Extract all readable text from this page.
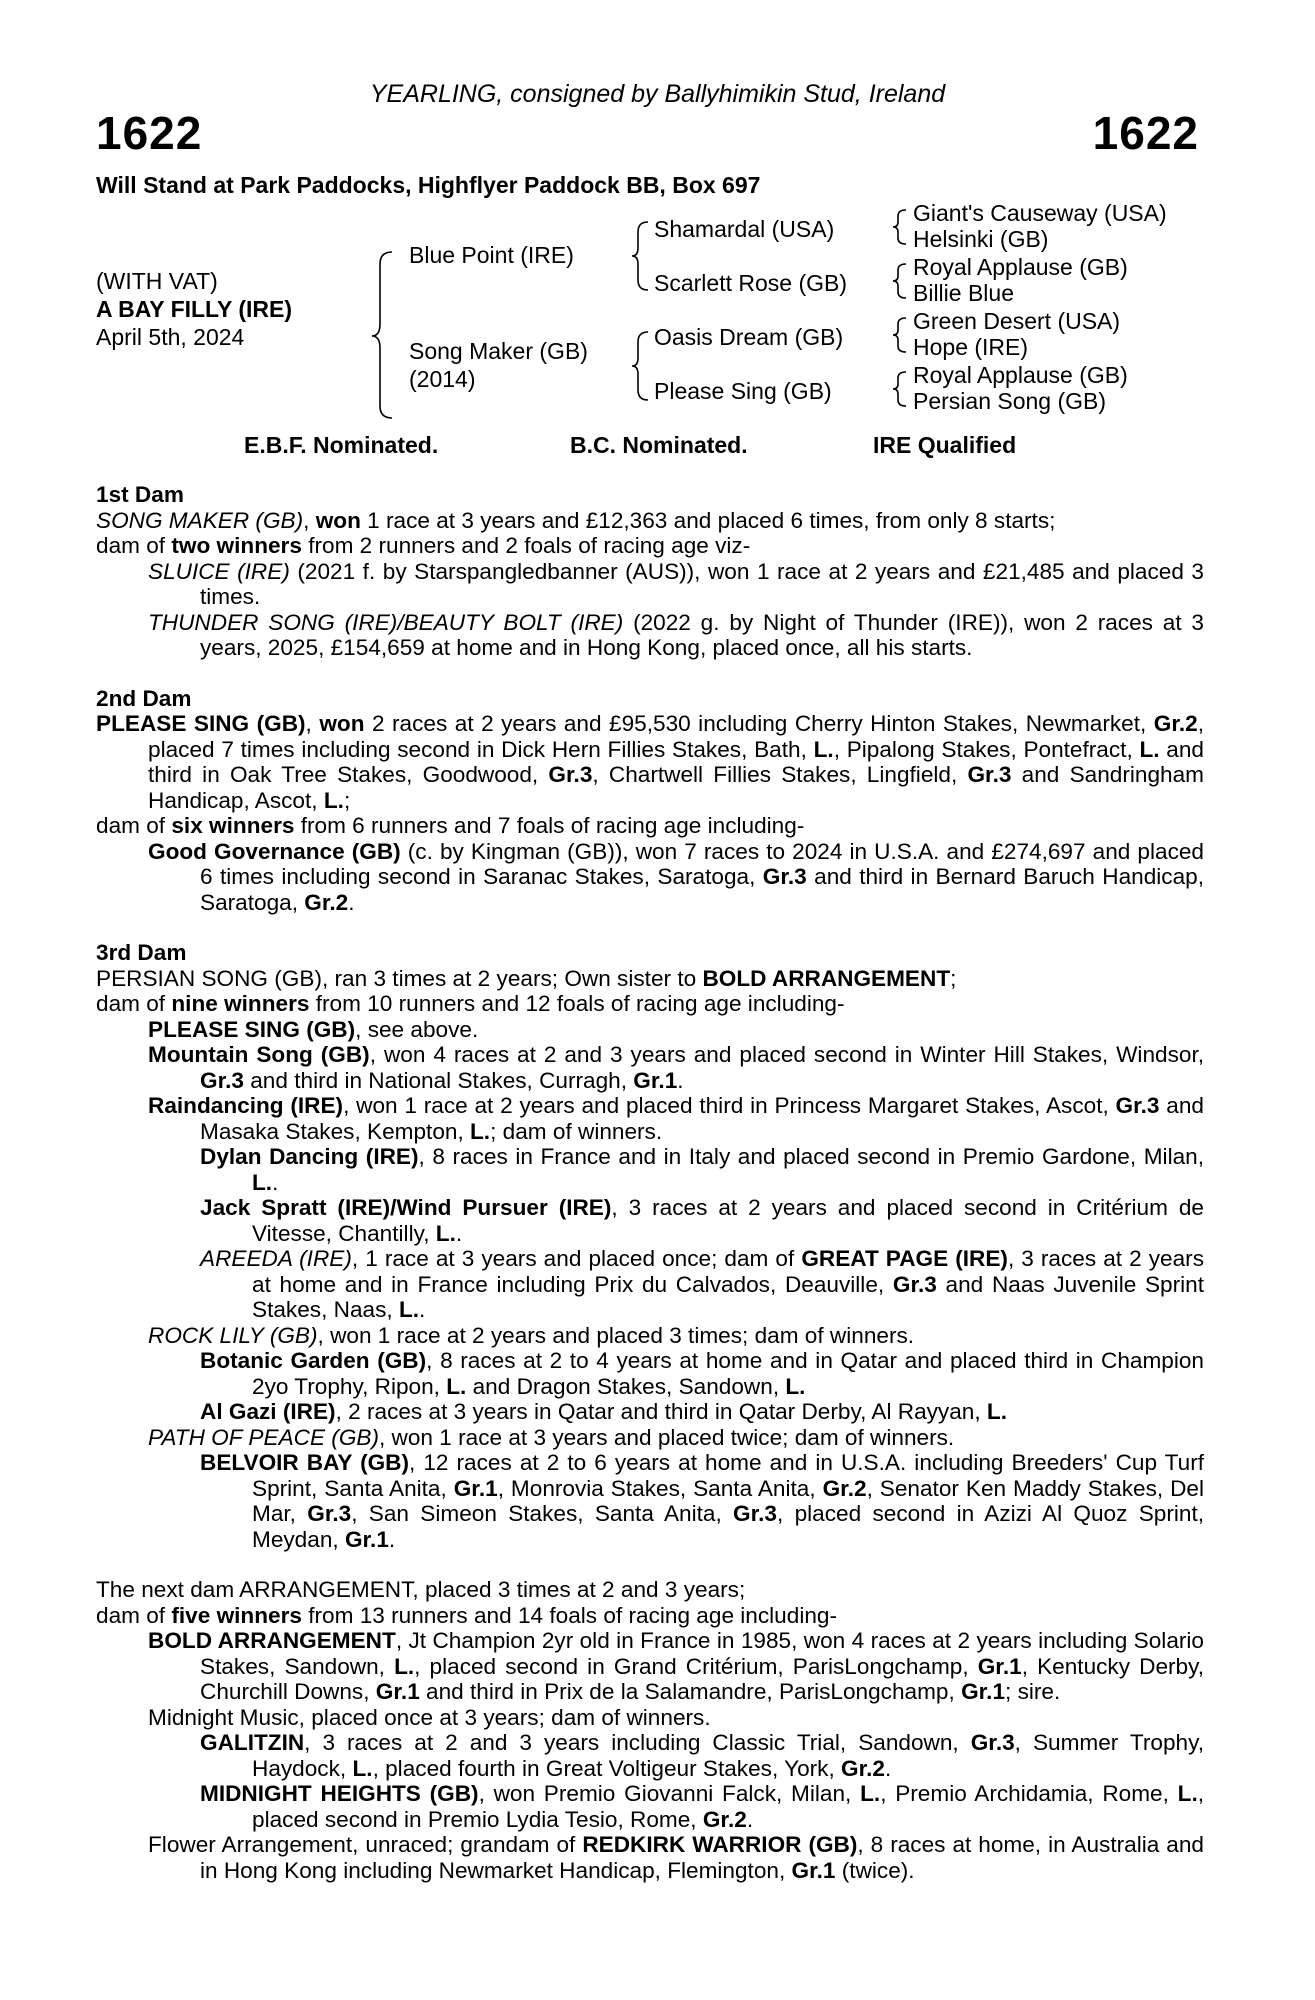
YEARLING, consigned by Ballyhimikin Stud, Ireland
1622	1622
Will Stand at Park Paddocks, Highflyer Paddock BB, Box 697
(WITH VAT)
A BAY FILLY (IRE)
April 5th, 2024
Blue Point (IRE)
Song Maker (GB)
(2014)
Shamardal (USA)
Scarlett Rose (GB)
Oasis Dream (GB)
Please Sing (GB)
Giant's Causeway (USA)
Helsinki (GB)
Royal Applause (GB)
Billie Blue
Green Desert (USA)
Hope (IRE)
Royal Applause (GB)
Persian Song (GB)
E.B.F. Nominated.	B.C. Nominated.	IRE Qualified

1st Dam

SONG MAKER (GB), won 1 race at 3 years and £12,363 and placed 6 times, from only 8 starts;

dam of two winners from 2 runners and 2 foals of racing age viz-

SLUICE (IRE) (2021 f. by Starspangledbanner (AUS)), won 1 race at 2 years and £21,485 and placed 3 times.

THUNDER SONG (IRE)/BEAUTY BOLT (IRE) (2022 g. by Night of Thunder (IRE)), won 2 races at 3 years, 2025, £154,659 at home and in Hong Kong, placed once, all his starts.

2nd Dam

PLEASE SING (GB), won 2 races at 2 years and £95,530 including Cherry Hinton Stakes, Newmarket, Gr.2, placed 7 times including second in Dick Hern Fillies Stakes, Bath, L., Pipalong Stakes, Pontefract, L. and third in Oak Tree Stakes, Goodwood, Gr.3, Chartwell Fillies Stakes, Lingfield, Gr.3 and Sandringham Handicap, Ascot, L.;

dam of six winners from 6 runners and 7 foals of racing age including-

Good Governance (GB) (c. by Kingman (GB)), won 7 races to 2024 in U.S.A. and £274,697 and placed 6 times including second in Saranac Stakes, Saratoga, Gr.3 and third in Bernard Baruch Handicap, Saratoga, Gr.2.

3rd Dam

PERSIAN SONG (GB), ran 3 times at 2 years; Own sister to BOLD ARRANGEMENT;

dam of nine winners from 10 runners and 12 foals of racing age including-

PLEASE SING (GB), see above.

Mountain Song (GB), won 4 races at 2 and 3 years and placed second in Winter Hill Stakes, Windsor, Gr.3 and third in National Stakes, Curragh, Gr.1.

Raindancing (IRE), won 1 race at 2 years and placed third in Princess Margaret Stakes, Ascot, Gr.3 and Masaka Stakes, Kempton, L.; dam of winners.

Dylan Dancing (IRE), 8 races in France and in Italy and placed second in Premio Gardone, Milan, L..

Jack Spratt (IRE)/Wind Pursuer (IRE), 3 races at 2 years and placed second in Critérium de Vitesse, Chantilly, L..

AREEDA (IRE), 1 race at 3 years and placed once; dam of GREAT PAGE (IRE), 3 races at 2 years at home and in France including Prix du Calvados, Deauville, Gr.3 and Naas Juvenile Sprint Stakes, Naas, L..

ROCK LILY (GB), won 1 race at 2 years and placed 3 times; dam of winners.

Botanic Garden (GB), 8 races at 2 to 4 years at home and in Qatar and placed third in Champion 2yo Trophy, Ripon, L. and Dragon Stakes, Sandown, L.

Al Gazi (IRE), 2 races at 3 years in Qatar and third in Qatar Derby, Al Rayyan, L.

PATH OF PEACE (GB), won 1 race at 3 years and placed twice; dam of winners.

BELVOIR BAY (GB), 12 races at 2 to 6 years at home and in U.S.A. including Breeders' Cup Turf Sprint, Santa Anita, Gr.1, Monrovia Stakes, Santa Anita, Gr.2, Senator Ken Maddy Stakes, Del Mar, Gr.3, San Simeon Stakes, Santa Anita, Gr.3, placed second in Azizi Al Quoz Sprint, Meydan, Gr.1.

The next dam ARRANGEMENT, placed 3 times at 2 and 3 years;

dam of five winners from 13 runners and 14 foals of racing age including-

BOLD ARRANGEMENT, Jt Champion 2yr old in France in 1985, won 4 races at 2 years including Solario Stakes, Sandown, L., placed second in Grand Critérium, ParisLongchamp, Gr.1, Kentucky Derby, Churchill Downs, Gr.1 and third in Prix de la Salamandre, ParisLongchamp, Gr.1; sire.

Midnight Music, placed once at 3 years; dam of winners.

GALITZIN, 3 races at 2 and 3 years including Classic Trial, Sandown, Gr.3, Summer Trophy, Haydock, L., placed fourth in Great Voltigeur Stakes, York, Gr.2.

MIDNIGHT HEIGHTS (GB), won Premio Giovanni Falck, Milan, L., Premio Archidamia, Rome, L., placed second in Premio Lydia Tesio, Rome, Gr.2.

Flower Arrangement, unraced; grandam of REDKIRK WARRIOR (GB), 8 races at home, in Australia and in Hong Kong including Newmarket Handicap, Flemington, Gr.1 (twice).
